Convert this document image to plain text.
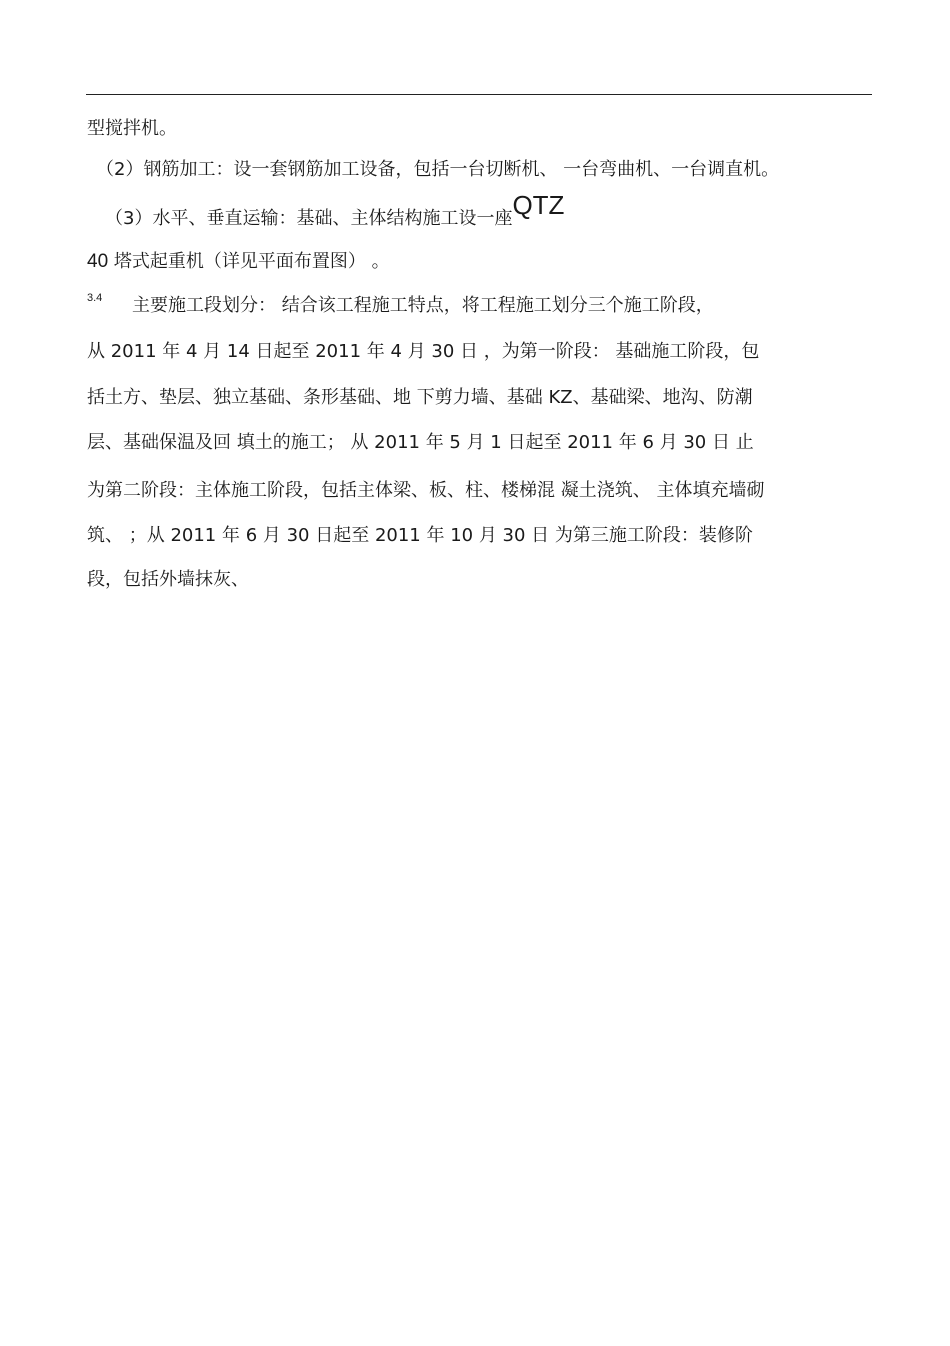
型搅拌机。
（2）钢筋加工：设一套钢筋加工设备，包括一台切断机、 一台弯曲机、一台调直机。
（3）水平、垂直运输：基础、主体结构施工设一座QTZ
40 塔式起重机（详见平面布置图） 。
3.4 主要施工段划分： 结合该工程施工特点，将工程施工划分三个施工阶段，
从 2011 年 4 月 14 日起至 2011 年 4 月 30 日 ，为第一阶段： 基础施工阶段，包
括土方、垫层、独立基础、条形基础、地 下剪力墙、基础 KZ、基础梁、地沟、防潮
层、基础保温及回 填土的施工； 从 2011 年 5 月 1 日起至 2011 年 6 月 30 日 止
为第二阶段：主体施工阶段，包括主体梁、板、柱、楼梯混 凝土浇筑、 主体填充墙砌
筑、 ；从 2011 年 6 月 30 日起至 2011 年 10 月 30 日 为第三施工阶段：装修阶
段，包括外墙抹灰、
